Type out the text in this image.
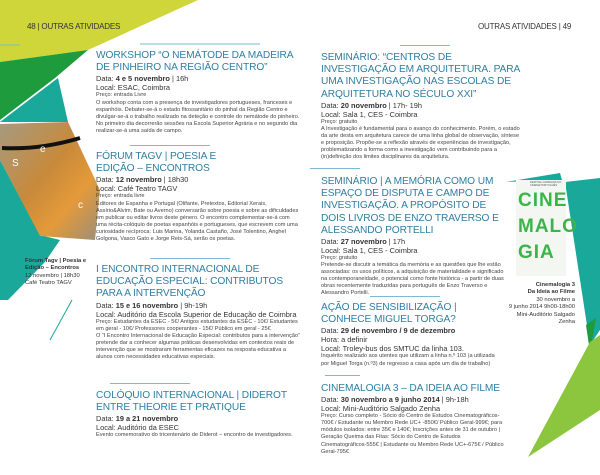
e
S
c
48 | OUTRAS ATIVIDADES	OUTRAS ATIVIDADES | 49
Fórum Tagv | Poesia e
Edição – Encontros
12 novembro | 18h30
Café Teatro TAGV
FESTIVAL CAMINHOS DO CINEMA PORTUGUÊS
CINE
MALO
GIA
Cinemalogia 3
Da Ideia ao Filme
30 novembro a
9 junho 2014 9h00-18h00
Mini-Auditório Salgado Zenha
WORKSHOP “O NEMÁTODE DA MADEIRA DE PINHEIRO NA REGIÃO CENTRO”
Data: 4 e 5 novembro | 16h
Local: ESAC, Coimbra
Preço: entrada Livre
O workshop conta com a presença de investigadores portugueses, franceses e espanhóis. Debater-se-á o estado fitossanitário do pinhal da Região Centro e divulgar-se-á o trabalho realizado na deteção e controle do nemátode do pinheiro. No primeiro dia decorrerão sessões na Escola Superior Agrária e no segundo dia realizar-se-á uma saída de campo.
FÓRUM TAGV | POESIA E EDIÇÃO – ENCONTROS
Data: 12 novembro | 18h30
Local: Café Teatro TAGV
Preço: entrada livre
Editores de Espanha e Portugal (Olifante, Pretextos, Editorial Xerais, Assírio&Alvim, Bate ou Averno) conversarão sobre poesia e sobre as dificuldades em publicar ou editar livros deste género. O encontro complementar-se-á com uma récita-colóquio de poetas espanhóis e portugueses, que escrevem com uma curiosidade recíproca: Luis Marina, Yolanda Castaño, José Tolentino, Anghel Golgona, Vasco Gato e Jorge Reis-Sá, serão os poetas.
I ENCONTRO INTERNACIONAL DE EDUCAÇÃO ESPECIAL: CONTRIBUTOS PARA A INTERVENÇÃO
Data: 15 e 16 novembro | 9h-19h
Local: Auditório da Escola Superior de Educação de Coimbra
Preço: Estudantes da ESEC - 5€/ Antigos estudantes da ESEC - 10€/ Estudantes em geral - 10€/ Professores cooperantes - 15€/ Público em geral - 25€
O “I Encontro Internacional de Educação Especial: contributos para a intervenção” pretende dar a conhecer algumas práticas desenvolvidas em contextos reais de intervenção que se mostraram ferramentas eficazes na resposta educativa a alunos com necessidades educativas especiais.
COLÓQUIO INTERNACIONAL | DIDEROT ENTRE THEORIE ET PRATIQUE
Data: 19 a 21 novembro
Local: Auditório da ESEC
Evento comemorativo do tricentenário de Diderot – encontro de investigadores.
SEMINÁRIO: “CENTROS DE INVESTIGAÇÃO EM ARQUITETURA. PARA UMA INVESTIGAÇÃO NAS ESCOLAS DE ARQUITETURA NO SÉCULO XXI”
Data: 20 novembro | 17h- 19h
Local: Sala 1, CES - Coimbra
Preço: gratuito
A Investigação é fundamental para o avanço do conhecimento. Porém, o estado da arte desta em arquitetura carece de uma linha global de observação, síntese e proposição. Propõe-se a reflexão através de experiências de investigação, problematizando a forma como a investigação vem contribuindo para a (in)definição dos limites disciplinares da arquitetura.
SEMINÁRIO | A MEMÓRIA COMO UM ESPAÇO DE DISPUTA E CAMPO DE INVESTIGAÇÃO. A PROPÓSITO DE DOIS LIVROS DE ENZO TRAVERSO E ALESSANDO PORTELLI
Data: 27 novembro | 17h
Local: Sala 1, CES - Coimbra
Preço: gratuito
Pretende-se discutir a temática da memória e as questões que lhe estão associadas: os usos políticos, a adquisição de materialidade e significado na contemporaneidade, o potencial como fonte histórica - a partir de duas obras recentemente traduzidas para português de Enzo Traverso e Alessandro Portelli.
AÇÃO DE SENSIBILIZAÇÃO | CONHECE MIGUEL TORGA?
Data: 29 de novembro / 9 de dezembro
Hora: a definir
Local: Troley-bus dos SMTUC da linha 103.
Inquérito realizado aos utentes que utilizam a linha n.º 103 (a utilizada por Miguel Torga (n.º3) de regresso a casa após um dia de trabalho)
CINEMALOGIA 3 – DA IDEIA AO FILME
Data: 30 novembro a 9 junho 2014 | 9h-18h
Local: Mini-Auditório Salgado Zenha
Preço: Curso completo - Sócio do Centro de Estudos Cinematográficos-700€ / Estudante ou Membro Rede UC+ -850€/ Público Geral-999€; para módulos isolados: entre 35€ e 140€; Inscrições antes de 31 de outubro | Geração Queima das Fitas: Sócio do Centro de Estudos Cinematográficos-555€ | Estudante ou Membro Rede UC+-675€ / Público Geral-795€
